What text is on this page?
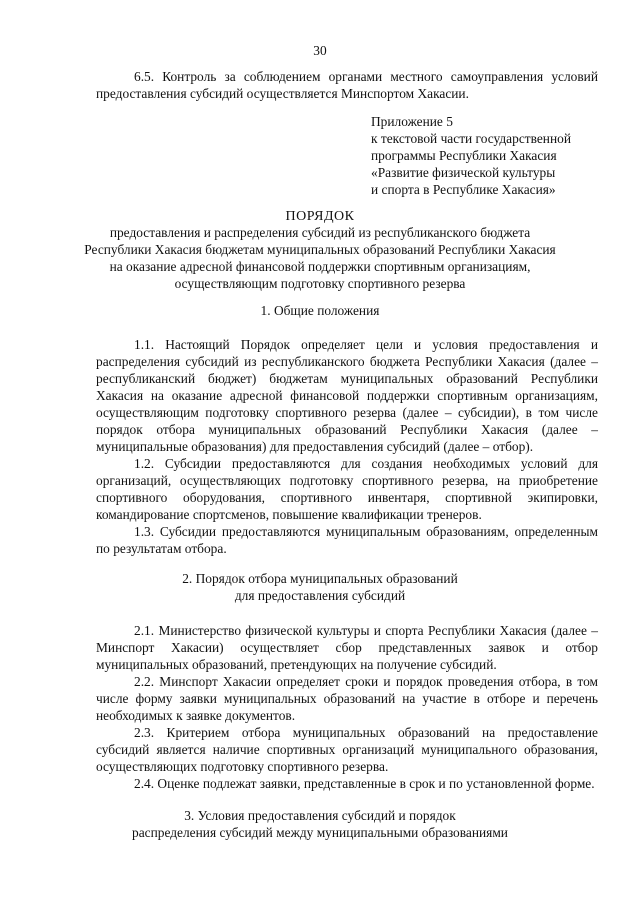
30

6.5. Контроль за соблюдением органами местного самоуправления условий предоставления субсидий осуществляется Минспортом Хакасии.

Приложение 5
к текстовой части государственной
программы Республики Хакасия
«Развитие физической культуры
и спорта в Республике Хакасия»
ПОРЯДОК
предоставления и распределения субсидий из республиканского бюджета
Республики Хакасия бюджетам муниципальных образований Республики Хакасия
на оказание адресной финансовой поддержки спортивным организациям,
осуществляющим подготовку спортивного резерва
1. Общие положения

1.1. Настоящий Порядок определяет цели и условия предоставления и распределения субсидий из республиканского бюджета Республики Хакасия (далее – республиканский бюджет) бюджетам муниципальных образований Республики Хакасия на оказание адресной финансовой поддержки спортивным организациям, осуществляющим подготовку спортивного резерва (далее – субсидии), в том числе порядок отбора муниципальных образований Республики Хакасия (далее – муниципальные образования) для предоставления субсидий (далее – отбор).

1.2. Субсидии предоставляются для создания необходимых условий для организаций, осуществляющих подготовку спортивного резерва, на приобретение спортивного оборудования, спортивного инвентаря, спортивной экипировки, командирование спортсменов, повышение квалификации тренеров.

1.3. Субсидии предоставляются муниципальным образованиям, определенным по результатам отбора.

2. Порядок отбора муниципальных образований
для предоставления субсидий

2.1. Министерство физической культуры и спорта Республики Хакасия (далее – Минспорт Хакасии) осуществляет сбор представленных заявок и отбор муниципальных образований, претендующих на получение субсидий.

2.2. Минспорт Хакасии определяет сроки и порядок проведения отбора, в том числе форму заявки муниципальных образований на участие в отборе и перечень необходимых к заявке документов.

2.3. Критерием отбора муниципальных образований на предоставление субсидий является наличие спортивных организаций муниципального образования, осуществляющих подготовку спортивного резерва.

2.4. Оценке подлежат заявки, представленные в срок и по установленной форме.

3. Условия предоставления субсидий и порядок
распределения субсидий между муниципальными образованиями
